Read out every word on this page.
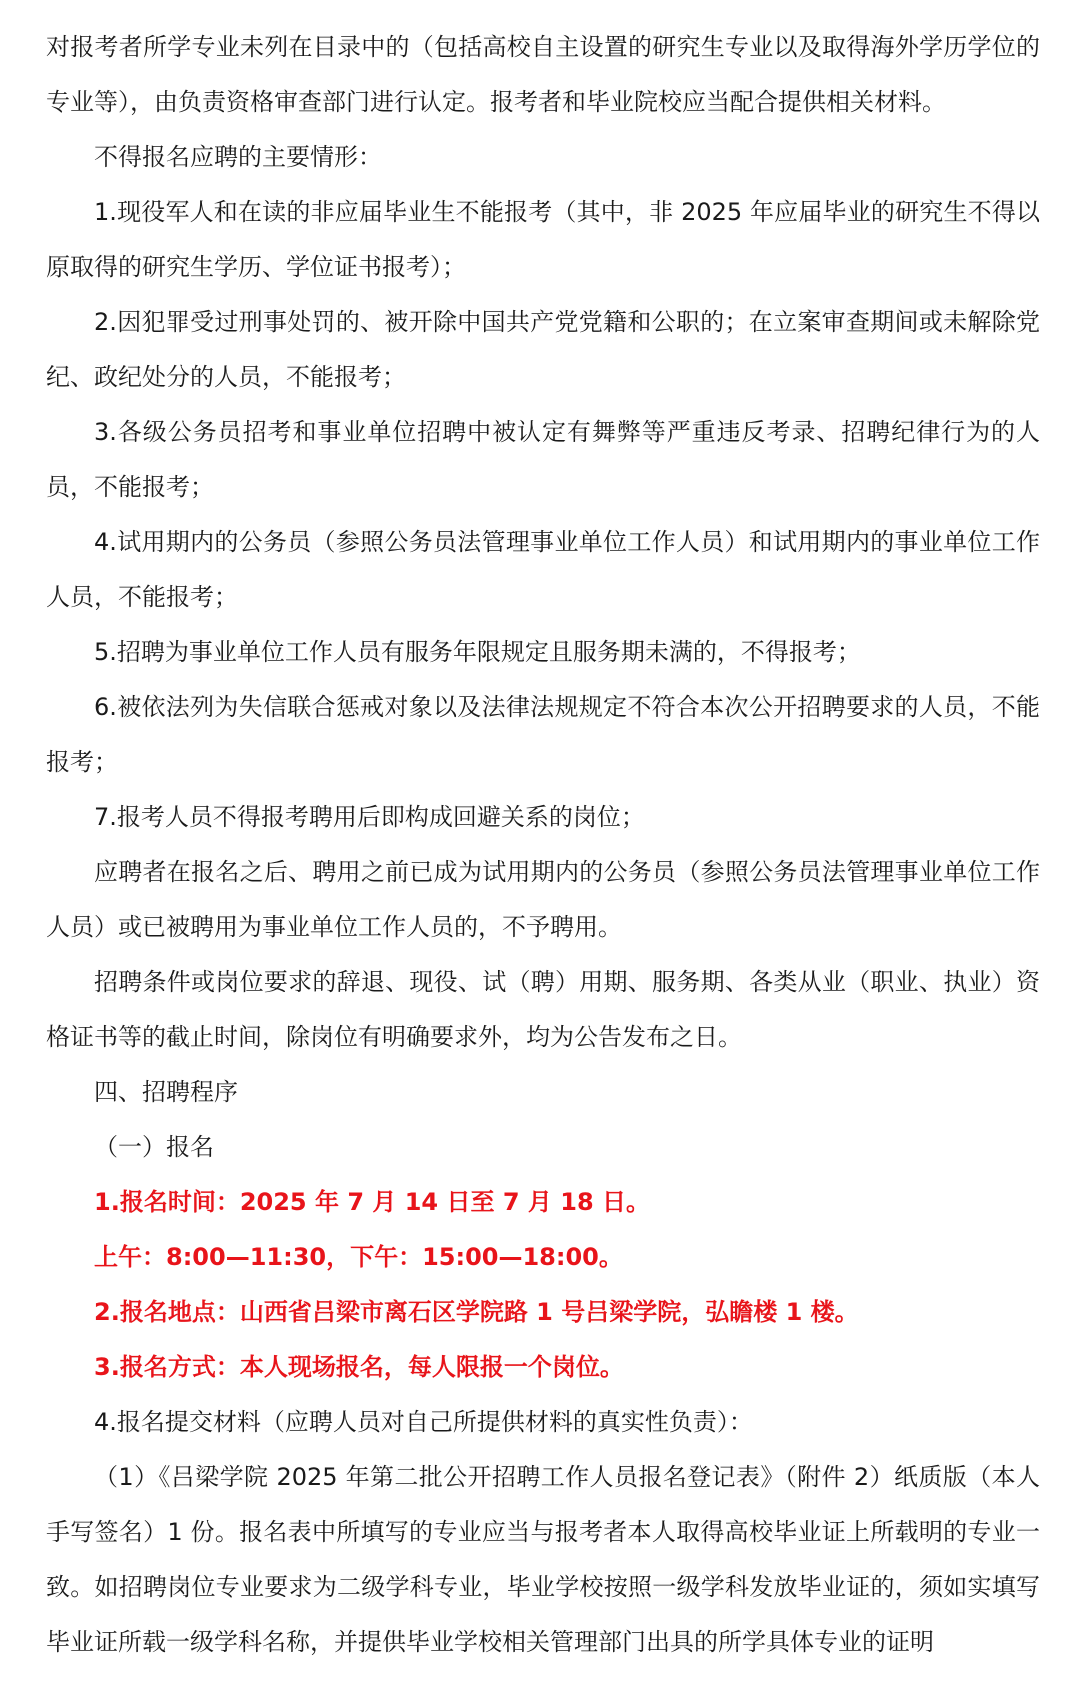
对报考者所学专业未列在目录中的（包括高校自主设置的研究生专业以及取得海外学历学位的专业等），由负责资格审查部门进行认定。报考者和毕业院校应当配合提供相关材料。

不得报名应聘的主要情形：

1.现役军人和在读的非应届毕业生不能报考（其中，非 2025 年应届毕业的研究生不得以原取得的研究生学历、学位证书报考）；

2.因犯罪受过刑事处罚的、被开除中国共产党党籍和公职的；在立案审查期间或未解除党纪、政纪处分的人员，不能报考；

3.各级公务员招考和事业单位招聘中被认定有舞弊等严重违反考录、招聘纪律行为的人员，不能报考；

4.试用期内的公务员（参照公务员法管理事业单位工作人员）和试用期内的事业单位工作人员，不能报考；

5.招聘为事业单位工作人员有服务年限规定且服务期未满的，不得报考；

6.被依法列为失信联合惩戒对象以及法律法规规定不符合本次公开招聘要求的人员，不能报考；

7.报考人员不得报考聘用后即构成回避关系的岗位；

应聘者在报名之后、聘用之前已成为试用期内的公务员（参照公务员法管理事业单位工作人员）或已被聘用为事业单位工作人员的，不予聘用。

招聘条件或岗位要求的辞退、现役、试（聘）用期、服务期、各类从业（职业、执业）资格证书等的截止时间，除岗位有明确要求外，均为公告发布之日。

四、招聘程序

（一）报名

1.报名时间：2025 年 7 月 14 日至 7 月 18 日。

上午：8:00—11:30，下午：15:00—18:00。

2.报名地点：山西省吕梁市离石区学院路 1 号吕梁学院，弘瞻楼 1 楼。

3.报名方式：本人现场报名，每人限报一个岗位。

4.报名提交材料（应聘人员对自己所提供材料的真实性负责）：

（1）《吕梁学院 2025 年第二批公开招聘工作人员报名登记表》（附件 2）纸质版（本人手写签名）1 份。报名表中所填写的专业应当与报考者本人取得高校毕业证上所载明的专业一致。如招聘岗位专业要求为二级学科专业，毕业学校按照一级学科发放毕业证的，须如实填写毕业证所载一级学科名称，并提供毕业学校相关管理部门出具的所学具体专业的证明
